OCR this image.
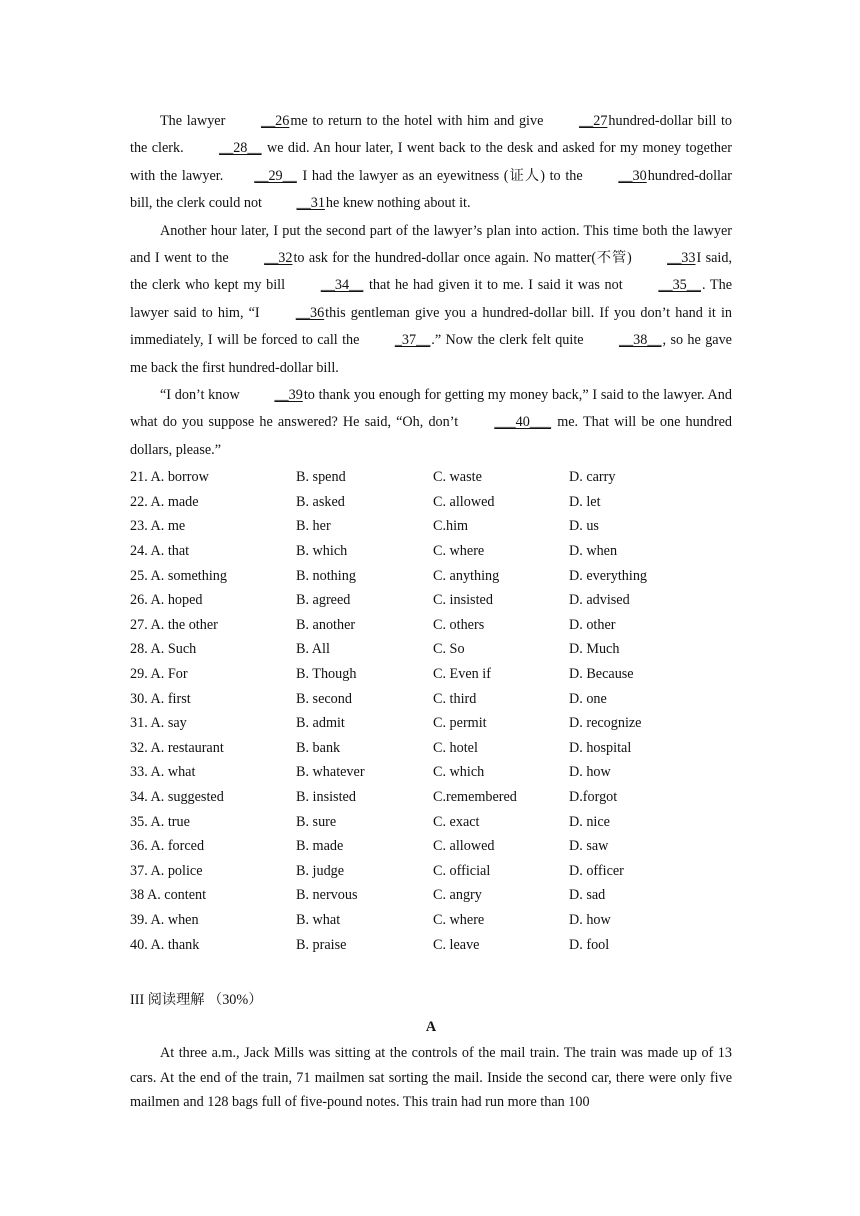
The lawyer __26me to return to the hotel with him and give __27hundred-dollar bill to the clerk. __28__ we did. An hour later, I went back to the desk and asked for my money together with the lawyer. __29__ I had the lawyer as an eyewitness (证人) to the __30hundred-dollar bill, the clerk could not __31he knew nothing about it.

Another hour later, I put the second part of the lawyer’s plan into action. This time both the lawyer and I went to the __32to ask for the hundred-dollar once again. No matter(不管) __33I said, the clerk who kept my bill __34__ that he had given it to me. I said it was not __35__. The lawyer said to him, “I __36this gentleman give you a hundred-dollar bill. If you don’t hand it in immediately, I will be forced to call the _37__.” Now the clerk felt quite __38__, so he gave me back the first hundred-dollar bill.

“I don’t know __39to thank you enough for getting my money back,” I said to the lawyer. And what do you suppose he answered? He said, “Oh, don’t ___40___ me. That will be one hundred dollars, please.”

21. A. borrow	B. spend	C. waste	D. carry
22. A. made	B. asked	C. allowed	D. let
23. A. me	B. her	C.him	D. us
24. A. that	B. which	C. where	D. when
25. A. something	B. nothing	C. anything	D. everything
26. A. hoped	B. agreed	C. insisted	D. advised
27. A. the other	B. another	C. others	D. other
28. A. Such	B. All	C. So	D. Much
29. A. For	B. Though	C. Even if	D. Because
30. A. first	B. second	C. third	D. one
31. A. say	B. admit	C. permit	D. recognize
32. A. restaurant	B. bank	C. hotel	D. hospital
33. A. what	B. whatever	C. which	D. how
34. A. suggested	B. insisted	C.remembered	D.forgot
35. A. true	B. sure	C. exact	D. nice
36. A. forced	B. made	C. allowed	D. saw
37. A. police	B. judge	C. official	D. officer
38 A. content	B. nervous	C. angry	D. sad
39. A. when	B. what	C. where	D. how
40. A. thank	B. praise	C. leave	D. fool
III 阅读理解 （30%）
A

At three a.m., Jack Mills was sitting at the controls of the mail train. The train was made up of 13 cars. At the end of the train, 71 mailmen sat sorting the mail. Inside the second car, there were only five mailmen and 128 bags full of five-pound notes. This train had run more than 100
